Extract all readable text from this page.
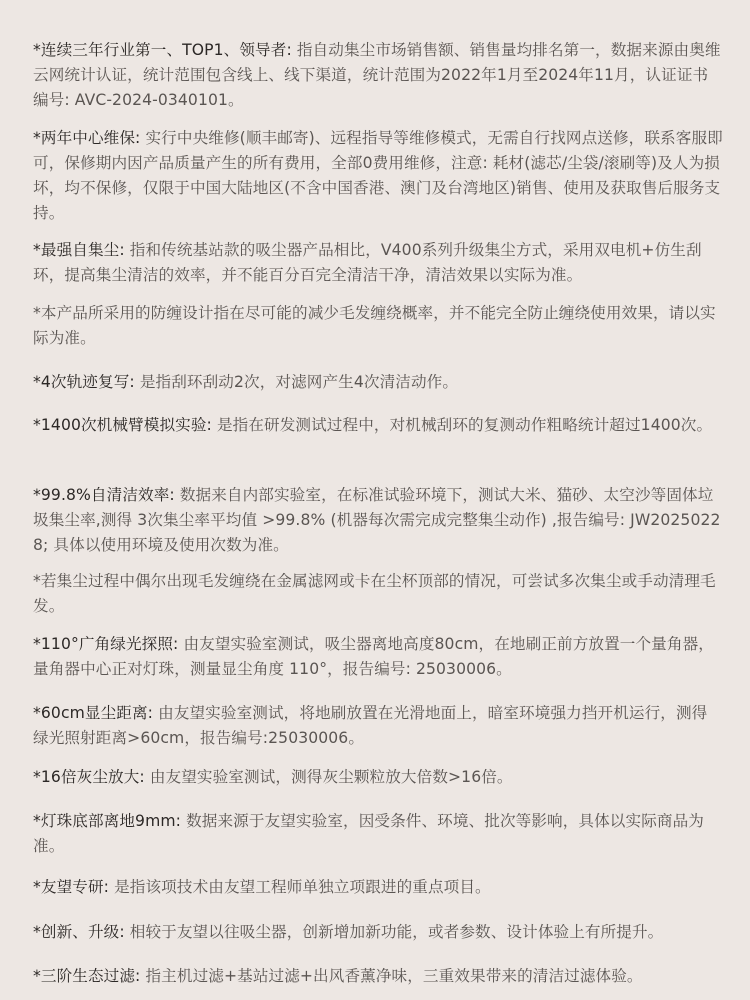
*连续三年行业第一、TOP1、领导者: 指自动集尘市场销售额、销售量均排名第一，数据来源由奥维云网统计认证，统计范围包含线上、线下渠道，统计范围为2022年1月至2024年11月，认证证书编号: AVC-2024-0340101。

*两年中心维保: 实行中央维修(顺丰邮寄)、远程指导等维修模式，无需自行找网点送修，联系客服即可，保修期内因产品质量产生的所有费用，全部0费用维修，注意: 耗材(滤芯/尘袋/滚刷等)及人为损坏，均不保修，仅限于中国大陆地区(不含中国香港、澳门及台湾地区)销售、使用及获取售后服务支持。

*最强自集尘: 指和传统基站款的吸尘器产品相比，V400系列升级集尘方式，采用双电机+仿生刮环，提高集尘清洁的效率，并不能百分百完全清洁干净，清洁效果以实际为准。

*本产品所采用的防缠设计指在尽可能的减少毛发缠绕概率，并不能完全防止缠绕使用效果，请以实际为准。

*4次轨迹复写: 是指刮环刮动2次，对滤网产生4次清洁动作。

*1400次机械臂模拟实验: 是指在研发测试过程中，对机械刮环的复测动作粗略统计超过1400次。

*99.8%自清洁效率: 数据来自内部实验室，在标准试验环境下，测试大米、猫砂、太空沙等固体垃圾集尘率,测得 3次集尘率平均值 >99.8% (机器每次需完成完整集尘动作) ,报告编号: JW20250228; 具体以使用环境及使用次数为准。

*若集尘过程中偶尔出现毛发缠绕在金属滤网或卡在尘杯顶部的情况，可尝试多次集尘或手动清理毛发。

*110°广角绿光探照: 由友望实验室测试，吸尘器离地高度80cm，在地刷正前方放置一个量角器，量角器中心正对灯珠，测量显尘角度 110°，报告编号: 25030006。

*60cm显尘距离: 由友望实验室测试，将地刷放置在光滑地面上，暗室环境强力挡开机运行，测得绿光照射距离>60cm，报告编号:25030006。

*16倍灰尘放大: 由友望实验室测试，测得灰尘颗粒放大倍数>16倍。

*灯珠底部离地9mm: 数据来源于友望实验室，因受条件、环境、批次等影响，具体以实际商品为准。

*友望专研: 是指该项技术由友望工程师单独立项跟进的重点项目。

*创新、升级: 相较于友望以往吸尘器，创新增加新功能，或者参数、设计体验上有所提升。

*三阶生态过滤: 指主机过滤+基站过滤+出风香薰净味，三重效果带来的清洁过滤体验。
